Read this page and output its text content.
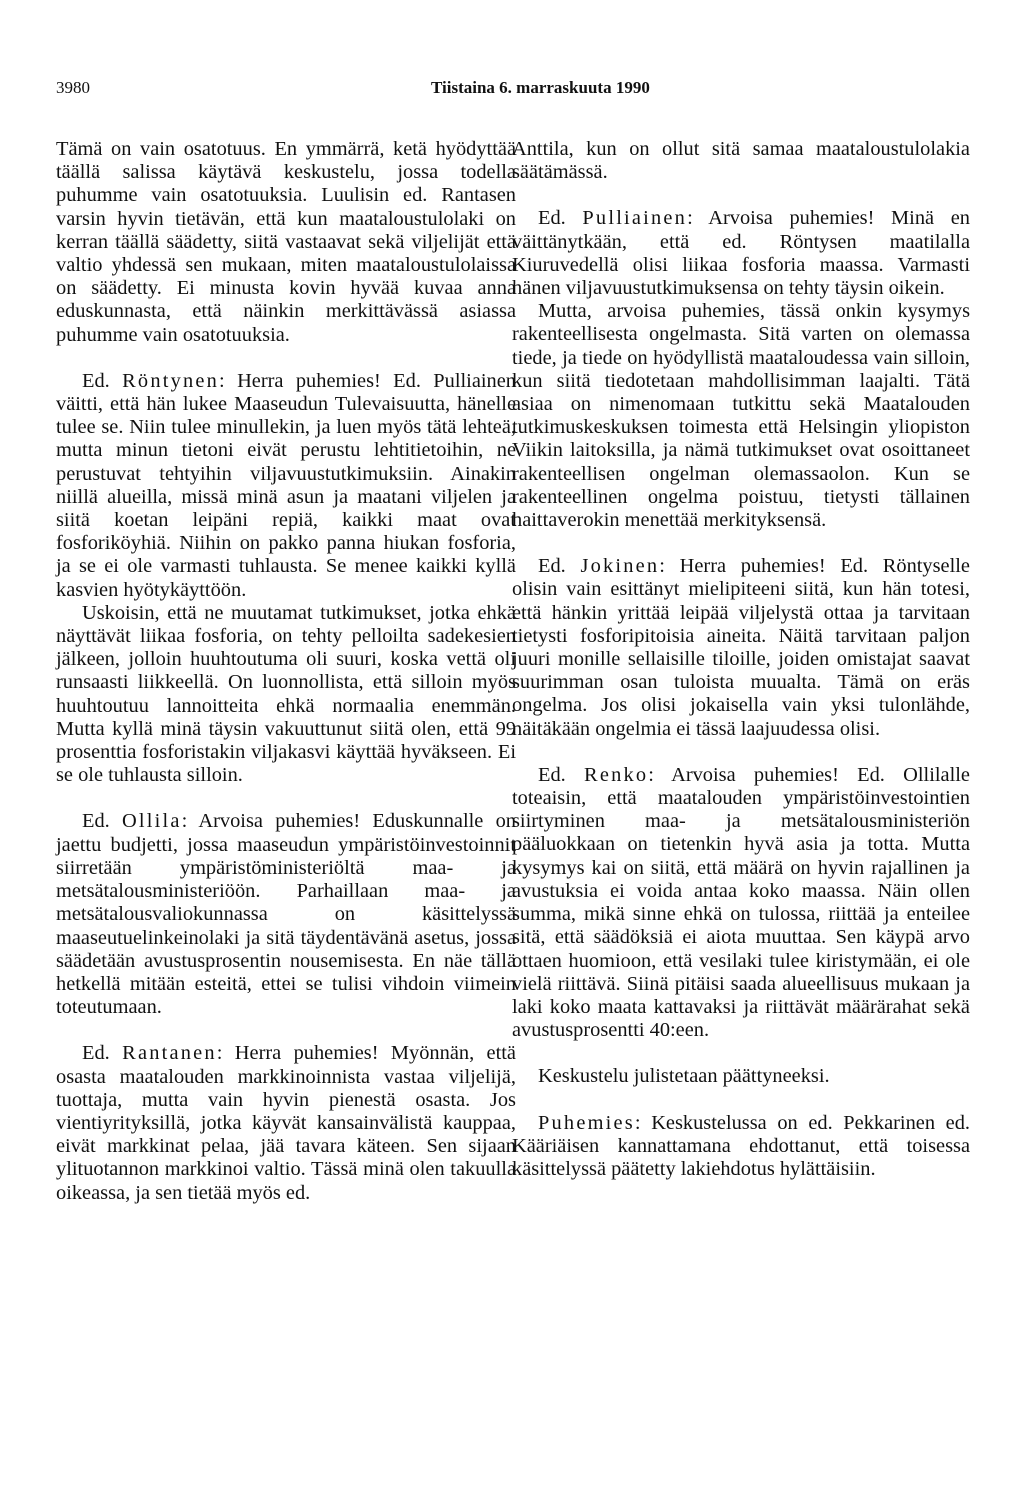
3980	Tiistaina 6. marraskuuta 1990

Tämä on vain osatotuus. En ymmärrä, ketä hyödyttää täällä salissa käytävä keskustelu, jossa todella puhumme vain osatotuuksia. Luulisin ed. Rantasen varsin hyvin tietävän, että kun maataloustulolaki on kerran täällä säädetty, siitä vastaavat sekä viljelijät että valtio yhdessä sen mukaan, miten maataloustulolaissa on säädetty. Ei minusta kovin hyvää kuvaa anna eduskunnasta, että näinkin merkittävässä asiassa puhumme vain osatotuuksia.

Ed. Röntynen: Herra puhemies! Ed. Pulliainen väitti, että hän lukee Maaseudun Tulevaisuutta, hänelle tulee se. Niin tulee minullekin, ja luen myös tätä lehteä, mutta minun tietoni eivät perustu lehtitietoihin, ne perustuvat tehtyihin viljavuustutkimuksiin. Ainakin niillä alueilla, missä minä asun ja maatani viljelen ja siitä koetan leipäni repiä, kaikki maat ovat fosforiköyhiä. Niihin on pakko panna hiukan fosforia, ja se ei ole varmasti tuhlausta. Se menee kaikki kyllä kasvien hyötykäyttöön.

Uskoisin, että ne muutamat tutkimukset, jotka ehkä näyttävät liikaa fosforia, on tehty pelloilta sadekesien jälkeen, jolloin huuhtoutuma oli suuri, koska vettä oli runsaasti liikkeellä. On luonnollista, että silloin myös huuhtoutuu lannoitteita ehkä normaalia enemmän. Mutta kyllä minä täysin vakuuttunut siitä olen, että 99 prosenttia fosforistakin viljakasvi käyttää hyväkseen. Ei se ole tuhlausta silloin.

Ed. Ollila: Arvoisa puhemies! Eduskunnalle on jaettu budjetti, jossa maaseudun ympäristöinvestoinnit siirretään ympäristöministeriöltä maa- ja metsätalousministeriöön. Parhaillaan maa- ja metsätalousvaliokunnassa on käsittelyssä maaseutuelinkeinolaki ja sitä täydentävänä asetus, jossa säädetään avustusprosentin nousemisesta. En näe tällä hetkellä mitään esteitä, ettei se tulisi vihdoin viimein toteutumaan.

Ed. Rantanen: Herra puhemies! Myönnän, että osasta maatalouden markkinoinnista vastaa viljelijä, tuottaja, mutta vain hyvin pienestä osasta. Jos vientiyrityksillä, jotka käyvät kansainvälistä kauppaa, eivät markkinat pelaa, jää tavara käteen. Sen sijaan ylituotannon markkinoi valtio. Tässä minä olen takuulla oikeassa, ja sen tietää myös ed.

Anttila, kun on ollut sitä samaa maataloustulolakia säätämässä.

Ed. Pulliainen: Arvoisa puhemies! Minä en väittänytkään, että ed. Röntysen maatilalla Kiuruvedellä olisi liikaa fosforia maassa. Varmasti hänen viljavuustutkimuksensa on tehty täysin oikein.

Mutta, arvoisa puhemies, tässä onkin kysymys rakenteellisesta ongelmasta. Sitä varten on olemassa tiede, ja tiede on hyödyllistä maataloudessa vain silloin, kun siitä tiedotetaan mahdollisimman laajalti. Tätä asiaa on nimenomaan tutkittu sekä Maatalouden tutkimuskeskuksen toimesta että Helsingin yliopiston Viikin laitoksilla, ja nämä tutkimukset ovat osoittaneet rakenteellisen ongelman olemassaolon. Kun se rakenteellinen ongelma poistuu, tietysti tällainen haittaverokin menettää merkityksensä.

Ed. Jokinen: Herra puhemies! Ed. Röntyselle olisin vain esittänyt mielipiteeni siitä, kun hän totesi, että hänkin yrittää leipää viljelystä ottaa ja tarvitaan tietysti fosforipitoisia aineita. Näitä tarvitaan paljon juuri monille sellaisille tiloille, joiden omistajat saavat suurimman osan tuloista muualta. Tämä on eräs ongelma. Jos olisi jokaisella vain yksi tulonlähde, näitäkään ongelmia ei tässä laajuudessa olisi.

Ed. Renko: Arvoisa puhemies! Ed. Ollilalle toteaisin, että maatalouden ympäristöinvestointien siirtyminen maa- ja metsätalousministeriön pääluokkaan on tietenkin hyvä asia ja totta. Mutta kysymys kai on siitä, että määrä on hyvin rajallinen ja avustuksia ei voida antaa koko maassa. Näin ollen summa, mikä sinne ehkä on tulossa, riittää ja enteilee sitä, että säädöksiä ei aiota muuttaa. Sen käypä arvo ottaen huomioon, että vesilaki tulee kiristymään, ei ole vielä riittävä. Siinä pitäisi saada alueellisuus mukaan ja laki koko maata kattavaksi ja riittävät määrärahat sekä avustusprosentti 40:een.

Keskustelu julistetaan päättyneeksi.

Puhemies: Keskustelussa on ed. Pekkarinen ed. Kääriäisen kannattamana ehdottanut, että toisessa käsittelyssä päätetty lakiehdotus hylättäisiin.
